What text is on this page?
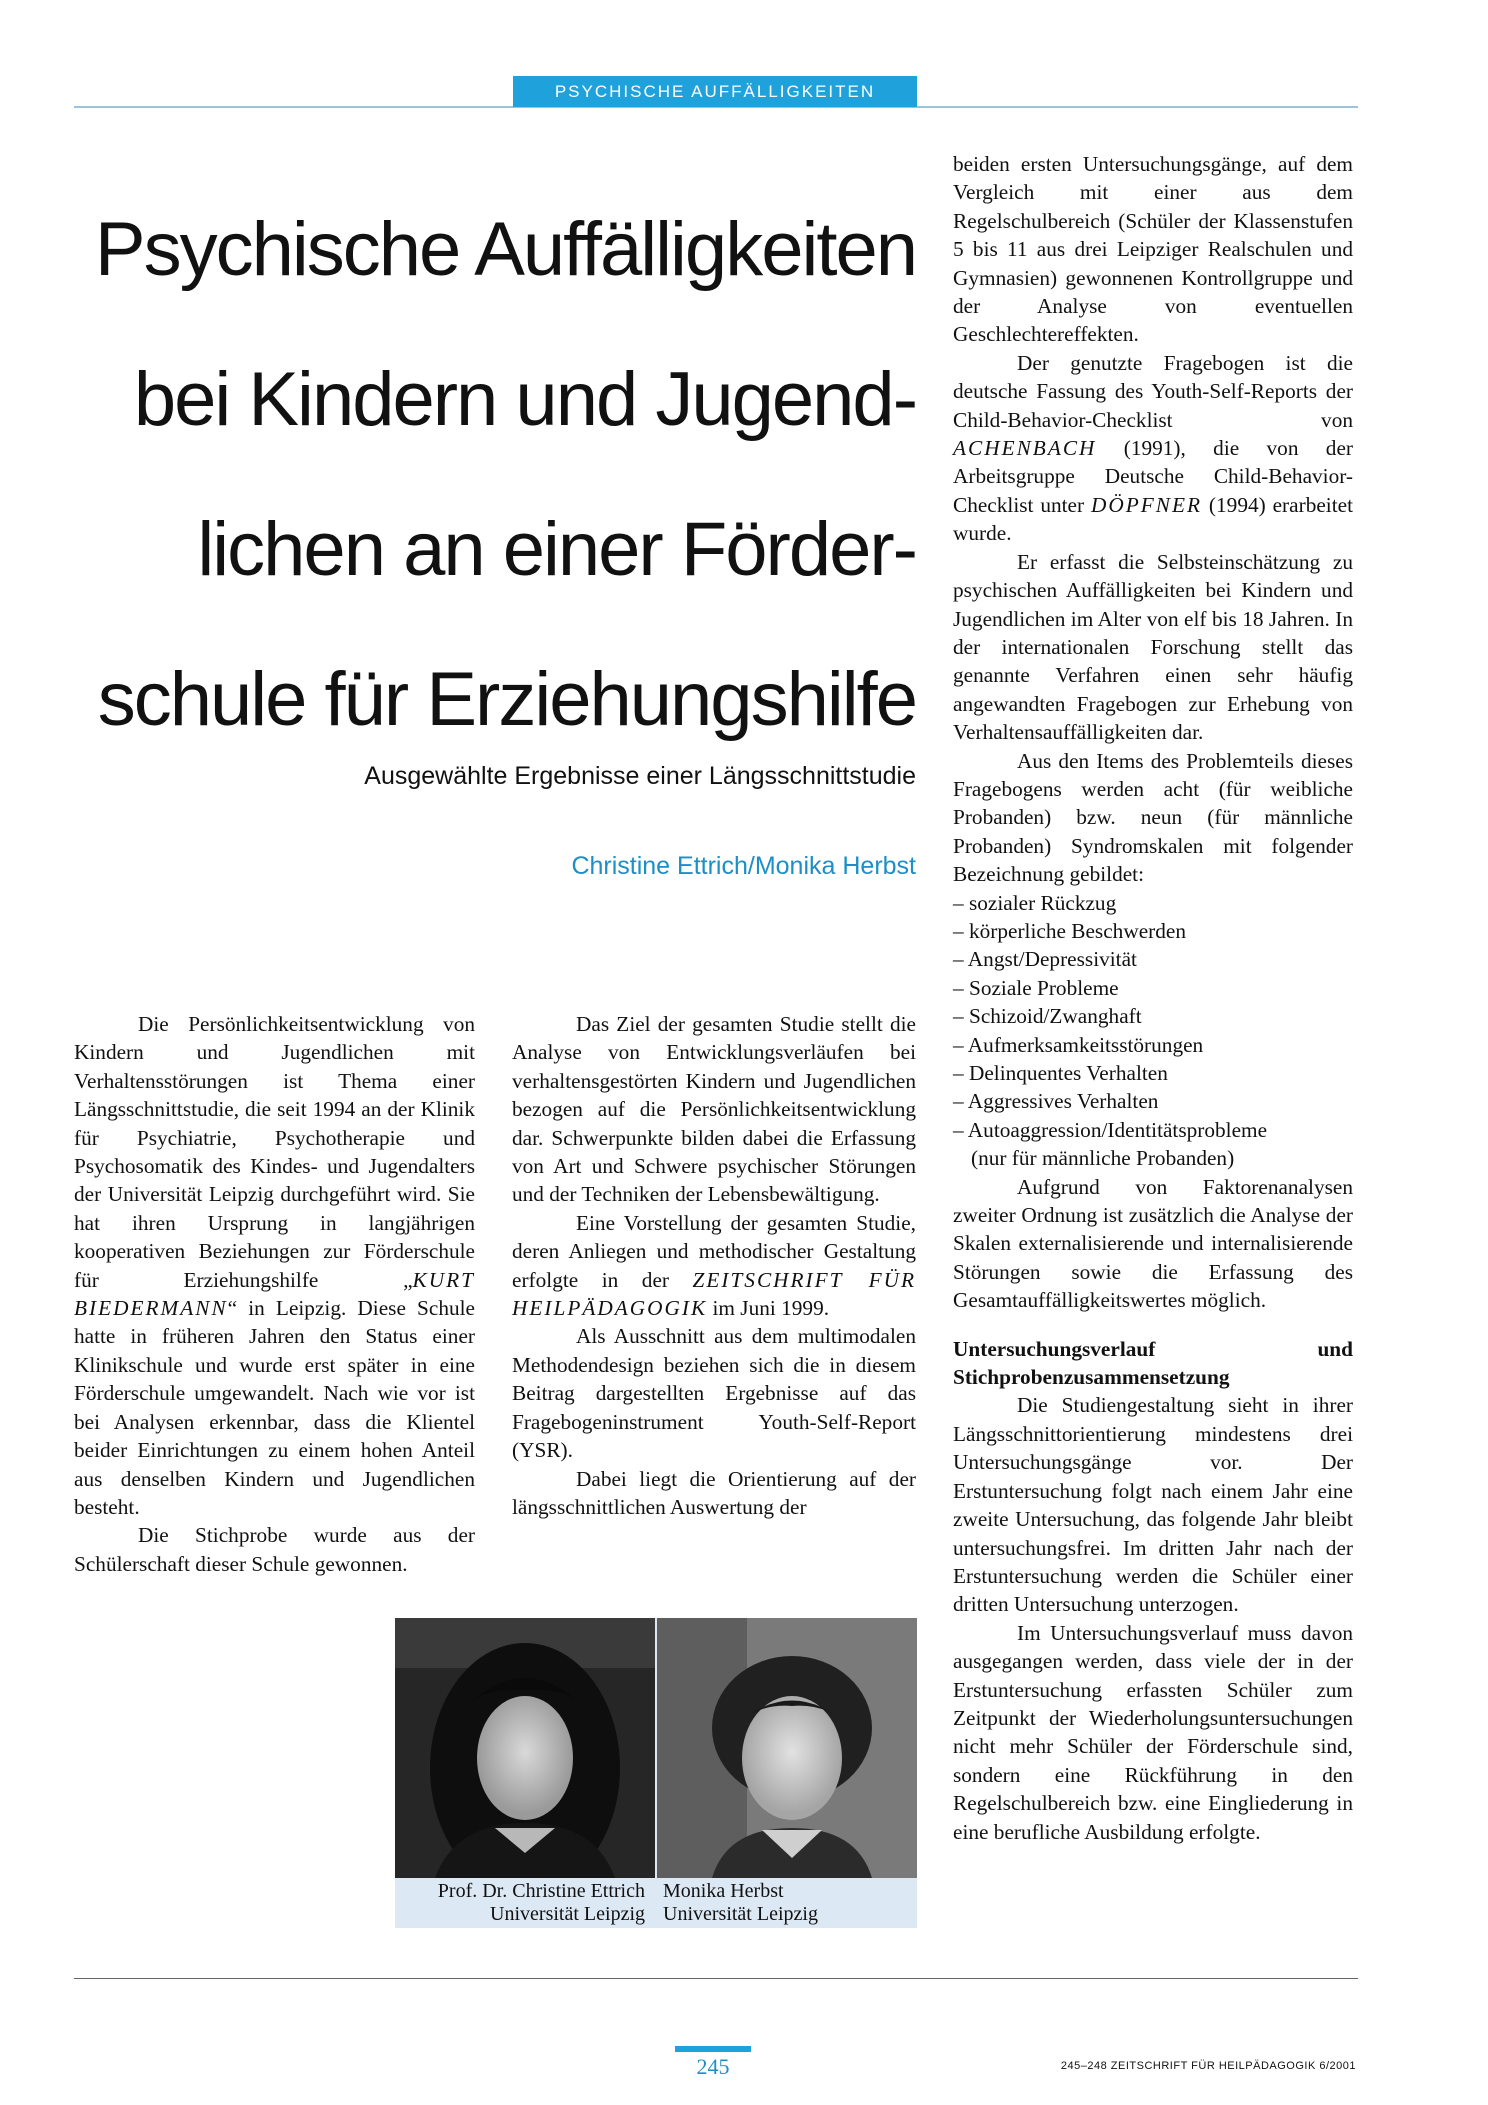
PSYCHISCHE AUFFÄLLIGKEITEN
Psychische Auffälligkeiten
bei Kindern und Jugend-
lichen an einer Förder-
schule für Erziehungshilfe
Ausgewählte Ergebnisse einer Längsschnittstudie
Christine Ettrich/Monika Herbst

Die Persönlichkeitsentwicklung von Kindern und Jugendlichen mit Verhaltensstörungen ist Thema einer Längsschnittstudie, die seit 1994 an der Klinik für Psychiatrie, Psychotherapie und Psychosomatik des Kindes- und Jugendalters der Universität Leipzig durchgeführt wird. Sie hat ihren Ursprung in langjährigen kooperativen Beziehungen zur Förderschule für Erziehungshilfe „KURT BIEDERMANN“ in Leipzig. Diese Schule hatte in früheren Jahren den Status einer Klinikschule und wurde erst später in eine Förderschule umgewandelt. Nach wie vor ist bei Analysen erkennbar, dass die Klientel beider Einrichtungen zu einem hohen Anteil aus denselben Kindern und Jugendlichen besteht.

Die Stichprobe wurde aus der Schülerschaft dieser Schule gewonnen.

Das Ziel der gesamten Studie stellt die Analyse von Entwicklungsverläufen bei verhaltensgestörten Kindern und Jugendlichen bezogen auf die Persönlichkeitsentwicklung dar. Schwerpunkte bilden dabei die Erfassung von Art und Schwere psychischer Störungen und der Techniken der Lebensbewältigung.

Eine Vorstellung der gesamten Studie, deren Anliegen und methodischer Gestaltung erfolgte in der ZEITSCHRIFT FÜR HEILPÄDAGOGIK im Juni 1999.

Als Ausschnitt aus dem multimodalen Methodendesign beziehen sich die in diesem Beitrag dargestellten Ergebnisse auf das Fragebogeninstrument Youth-Self-Report (YSR).

Dabei liegt die Orientierung auf der längsschnittlichen Auswertung der

beiden ersten Untersuchungsgänge, auf dem Vergleich mit einer aus dem Regelschulbereich (Schüler der Klassenstufen 5 bis 11 aus drei Leipziger Realschulen und Gymnasien) gewonnenen Kontrollgruppe und der Analyse von eventuellen Geschlechtereffekten.

Der genutzte Fragebogen ist die deutsche Fassung des Youth-Self-Reports der Child-Behavior-Checklist von ACHENBACH (1991), die von der Arbeitsgruppe Deutsche Child-Behavior-Checklist unter DÖPFNER (1994) erarbeitet wurde.

Er erfasst die Selbsteinschätzung zu psychischen Auffälligkeiten bei Kindern und Jugendlichen im Alter von elf bis 18 Jahren. In der internationalen Forschung stellt das genannte Verfahren einen sehr häufig angewandten Fragebogen zur Erhebung von Verhaltensauffälligkeiten dar.

Aus den Items des Problemteils dieses Fragebogens werden acht (für weibliche Probanden) bzw. neun (für männliche Probanden) Syndromskalen mit folgender Bezeichnung gebildet:

– sozialer Rückzug
– körperliche Beschwerden
– Angst/Depressivität
– Soziale Probleme
– Schizoid/Zwanghaft
– Aufmerksamkeitsstörungen
– Delinquentes Verhalten
– Aggressives Verhalten
– Autoaggression/Identitätsprobleme
(nur für männliche Probanden)

Aufgrund von Faktorenanalysen zweiter Ordnung ist zusätzlich die Analyse der Skalen externalisierende und internalisierende Störungen sowie die Erfassung des Gesamtauffälligkeitswertes möglich.

Untersuchungsverlauf und Stichprobenzusammensetzung

Die Studiengestaltung sieht in ihrer Längsschnittorientierung mindestens drei Untersuchungsgänge vor. Der Erstuntersuchung folgt nach einem Jahr eine zweite Untersuchung, das folgende Jahr bleibt untersuchungsfrei. Im dritten Jahr nach der Erstuntersuchung werden die Schüler einer dritten Untersuchung unterzogen.

Im Untersuchungsverlauf muss davon ausgegangen werden, dass viele der in der Erstuntersuchung erfassten Schüler zum Zeitpunkt der Wiederholungsuntersuchungen nicht mehr Schüler der Förderschule sind, sondern eine Rückführung in den Regelschulbereich bzw. eine Eingliederung in eine berufliche Ausbildung erfolgte.

Prof. Dr. Christine Ettrich
Universität Leipzig
Monika Herbst
Universität Leipzig
245	245–248 ZEITSCHRIFT FÜR HEILPÄDAGOGIK 6/2001
